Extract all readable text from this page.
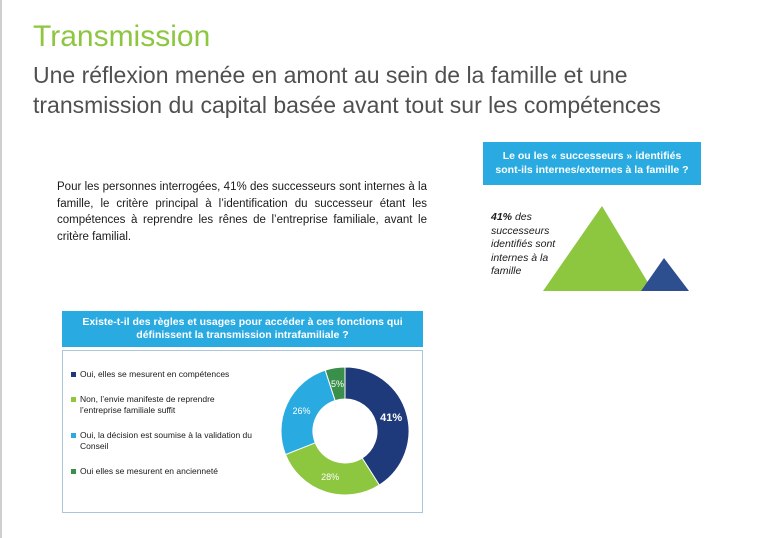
Transmission
Une réflexion menée en amont au sein de la famille et une transmission du capital basée avant tout sur les compétences
Pour les personnes interrogées, 41% des successeurs sont internes à la famille, le critère principal à l’identification du successeur étant les compétences à reprendre les rênes de l’entreprise familiale, avant le critère familial.
Le ou les « successeurs » identifiés sont-ils internes/externes à la famille ?
41% des successeurs identifiés sont internes à la famille
Existe-t-il des règles et usages pour accéder à ces fonctions qui définissent la transmission intrafamiliale ?
Oui, elles se mesurent en compétences
Non, l’envie manifeste de reprendre l’entreprise familiale suffit
Oui, la décision est soumise à la validation du Conseil
Oui elles se mesurent en ancienneté
41%
28%
26%
5%
